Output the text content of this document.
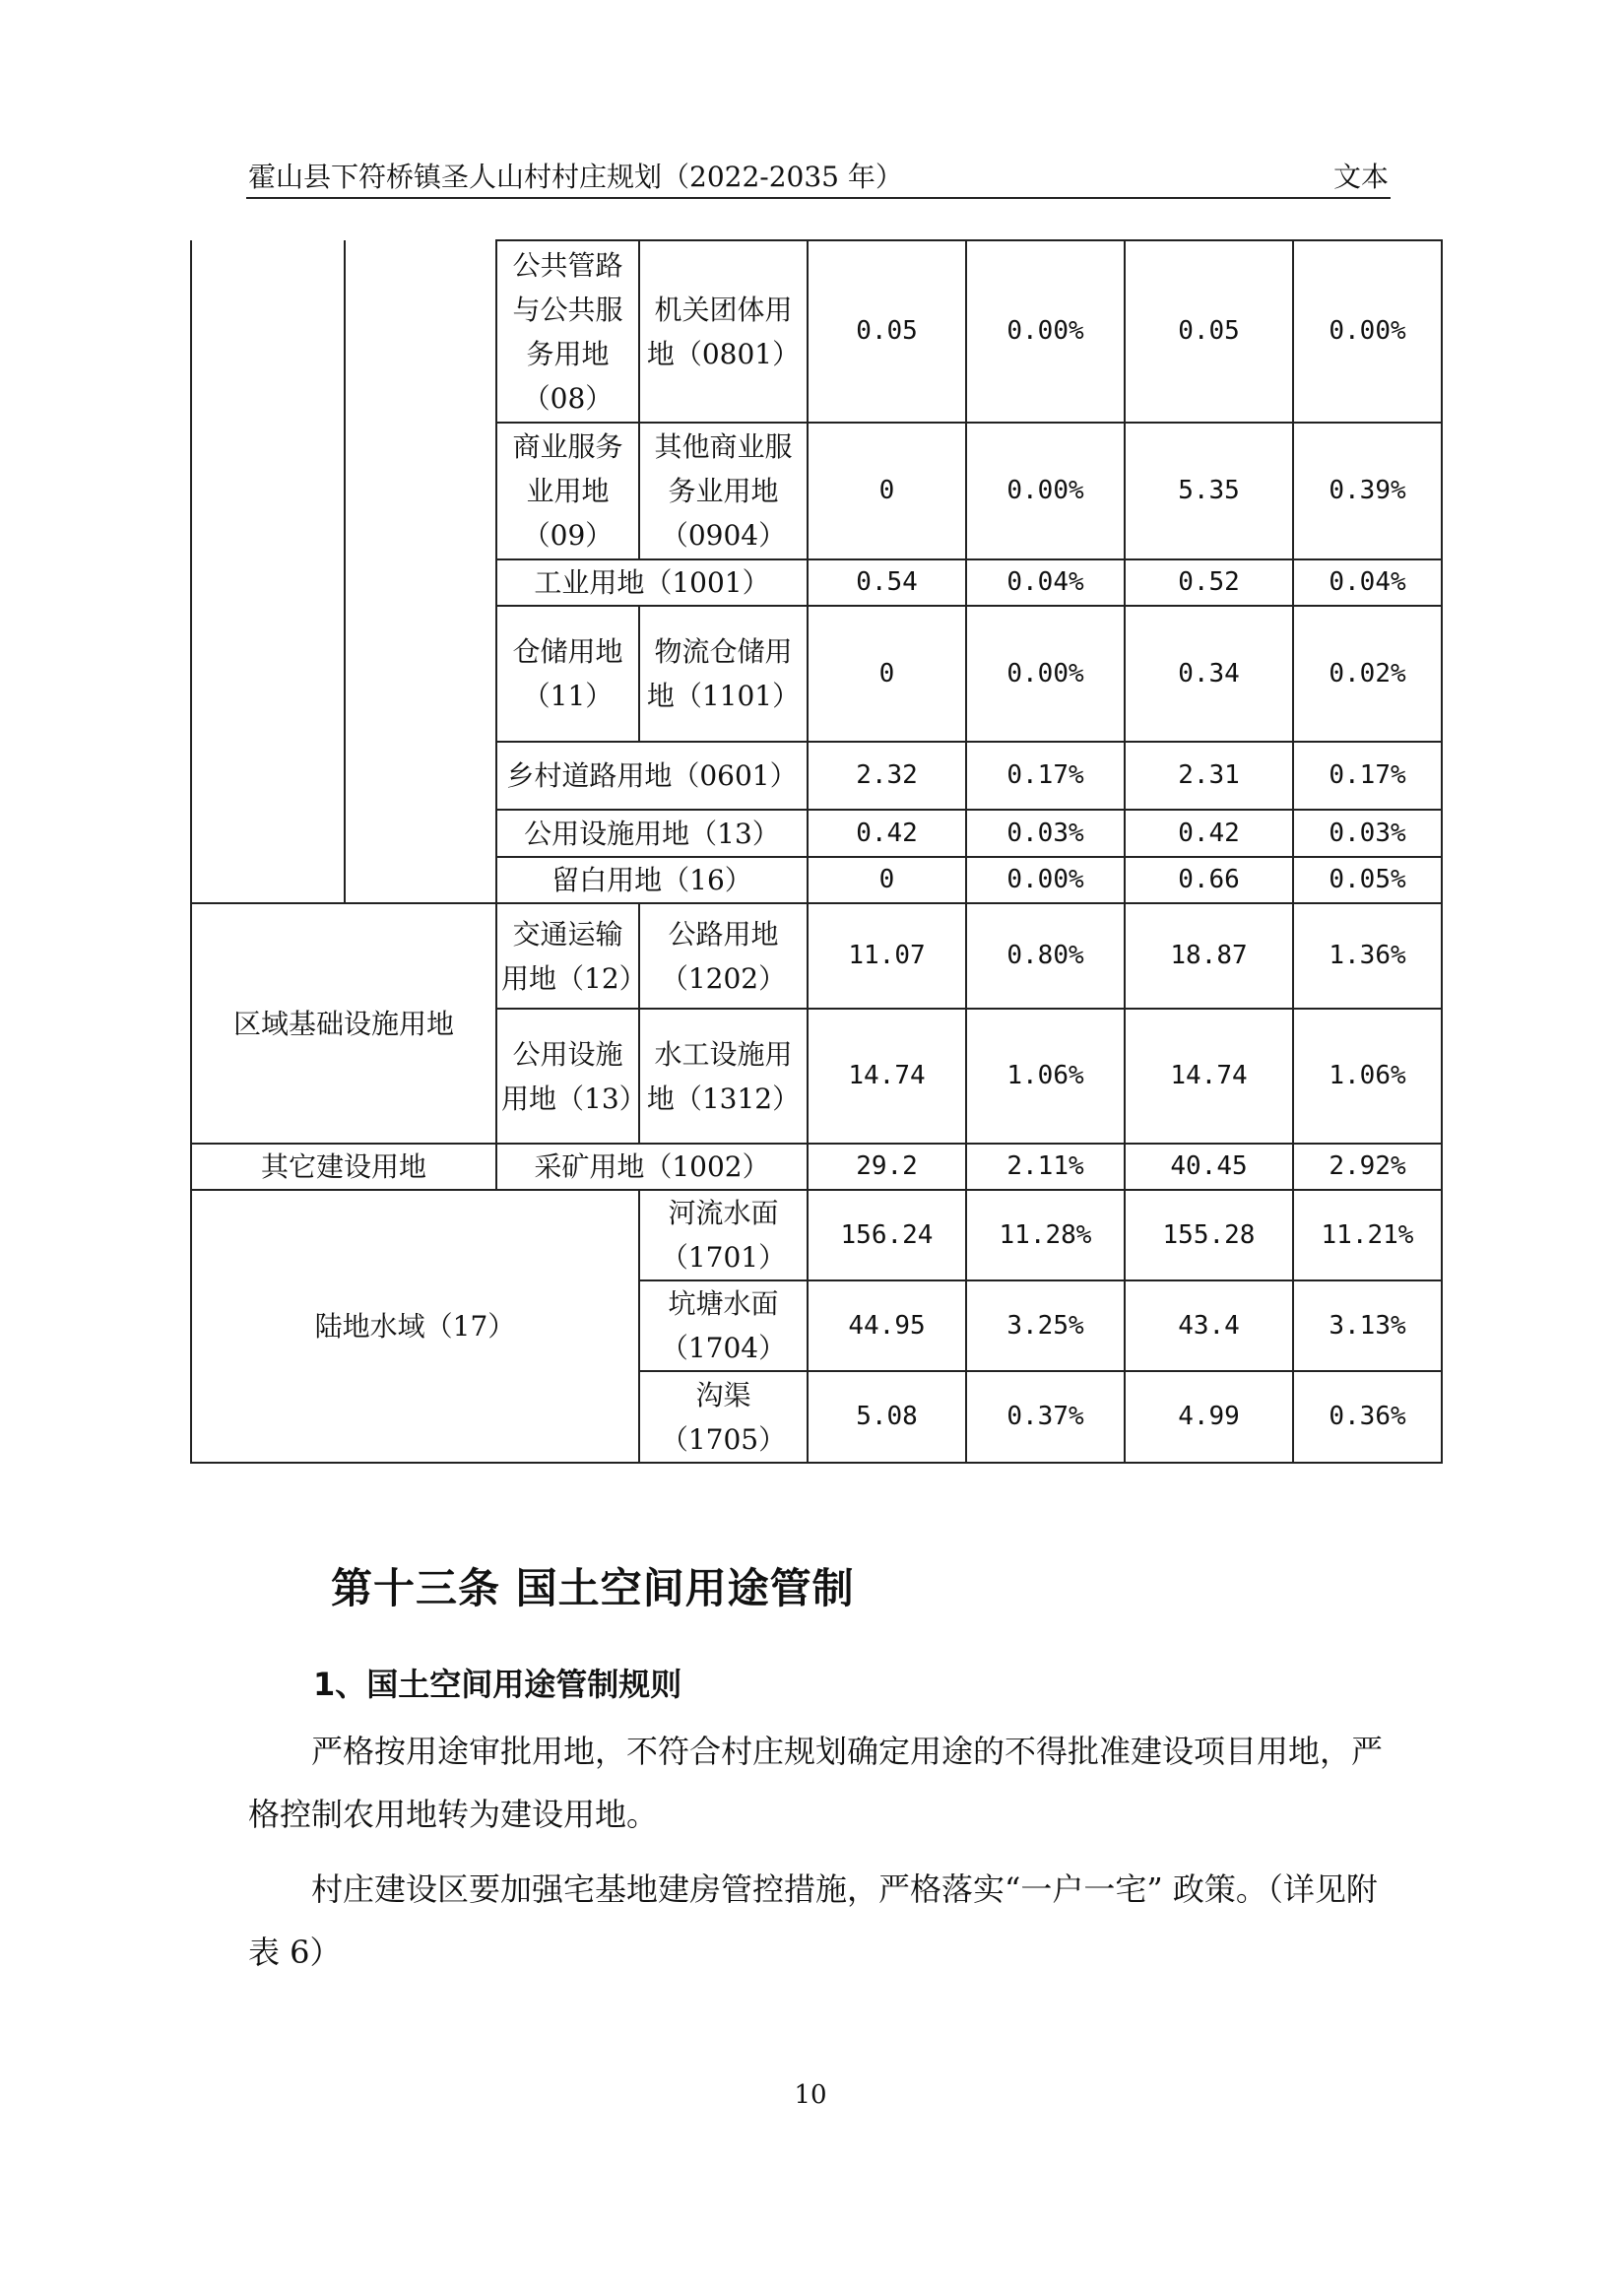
霍山县下符桥镇圣人山村村庄规划（2022-2035 年）	文本
		公共管路与公共服务用地（08）	机关团体用地（0801）	0.05	0.00%	0.05	0.00%
		商业服务业用地（09）	其他商业服务业用地（0904）	0	0.00%	5.35	0.39%
		工业用地（1001）		0.54	0.04%	0.52	0.04%
		仓储用地（11）	物流仓储用地（1101）	0	0.00%	0.34	0.02%
		乡村道路用地（0601）		2.32	0.17%	2.31	0.17%
		公用设施用地（13）		0.42	0.03%	0.42	0.03%
		留白用地（16）		0	0.00%	0.66	0.05%
区域基础设施用地		交通运输用地（12）	公路用地（1202）	11.07	0.80%	18.87	1.36%
		公用设施用地（13）	水工设施用地（1312）	14.74	1.06%	14.74	1.06%
其它建设用地		采矿用地（1002）		29.2	2.11%	40.45	2.92%
陆地水域（17）			河流水面（1701）	156.24	11.28%	155.28	11.21%
			坑塘水面（1704）	44.95	3.25%	43.4	3.13%
			沟渠（1705）	5.08	0.37%	4.99	0.36%
第十三条 国土空间用途管制
1、国土空间用途管制规则

严格按用途审批用地，不符合村庄规划确定用途的不得批准建设项目用地，严格控制农用地转为建设用地。

村庄建设区要加强宅基地建房管控措施，严格落实“一户一宅” 政策。（详见附表 6）

10
